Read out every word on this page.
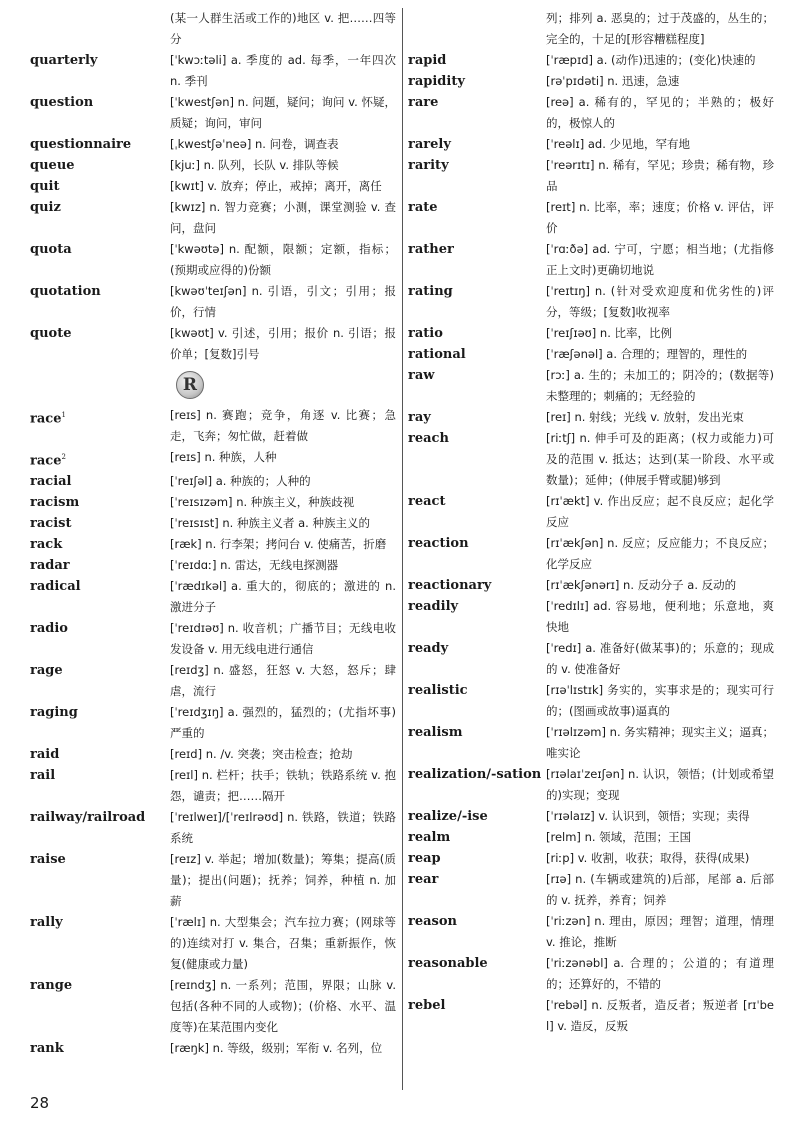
(某一人群生活或工作的)地区 v. 把……四等分
quarterly	[ˈkwɔːtəli] a. 季度的 ad. 每季，一年四次 n. 季刊
question	[ˈkwestʃən] n. 问题，疑问；询问 v. 怀疑，质疑；询问，审问
questionnaire	[ˌkwestʃəˈneə] n. 问卷，调查表
queue	[kjuː] n. 队列，长队 v. 排队等候
quit	[kwɪt] v. 放弃；停止，戒掉；离开，离任
quiz	[kwɪz] n. 智力竞赛；小测，课堂测验 v. 查问，盘问
quota	[ˈkwəʊtə] n. 配额，限额；定额，指标；(预期或应得的)份额
quotation	[kwəʊˈteɪʃən] n. 引语，引文；引用；报价，行情
quote	[kwəʊt] v. 引述，引用；报价 n. 引语；报价单；[复数]引号
R
race$^1$	[reɪs] n. 赛跑；竞争，角逐 v. 比赛；急走，飞奔；匆忙做，赶着做
race$^2$	[reɪs] n. 种族，人种
racial	[ˈreɪʃəl] a. 种族的；人种的
racism	[ˈreɪsɪzəm] n. 种族主义，种族歧视
racist	[ˈreɪsɪst] n. 种族主义者 a. 种族主义的
rack	[ræk] n. 行李架；拷问台 v. 使痛苦，折磨
radar	[ˈreɪdɑː] n. 雷达，无线电探测器
radical	[ˈrædɪkəl] a. 重大的，彻底的；激进的 n. 激进分子
radio	[ˈreɪdɪəʊ] n. 收音机；广播节目；无线电收发设备 v. 用无线电进行通信
rage	[reɪdʒ] n. 盛怒，狂怒 v. 大怒，怒斥；肆虐，流行
raging	[ˈreɪdʒɪŋ] a. 强烈的，猛烈的；(尤指坏事)严重的
raid	[reɪd] n. /v. 突袭；突击检查；抢劫
rail	[reɪl] n. 栏杆；扶手；铁轨；铁路系统 v. 抱怨，谴责；把……隔开
railway/railroad	[ˈreɪlweɪ]/[ˈreɪlrəʊd] n. 铁路，铁道；铁路系统
raise	[reɪz] v. 举起；增加(数量)；筹集；提高(质量)；提出(问题)；抚养；饲养，种植 n. 加薪
rally	[ˈrælɪ] n. 大型集会；汽车拉力赛；(网球等的)连续对打 v. 集合，召集；重新振作，恢复(健康或力量)
range	[reɪndʒ] n. 一系列；范围，界限；山脉 v. 包括(各种不同的人或物)；(价格、水平、温度等)在某范围内变化
rank	[ræŋk] n. 等级，级别；军衔 v. 名列，位
列；排列 a. 恶臭的；过于茂盛的，丛生的；完全的，十足的[形容糟糕程度]
rapid	[ˈræpɪd] a. (动作)迅速的；(变化)快速的
rapidity	[rəˈpɪdəti] n. 迅速，急速
rare	[reə] a. 稀有的，罕见的；半熟的；极好的，极惊人的
rarely	[ˈreəlɪ] ad. 少见地，罕有地
rarity	[ˈreərɪtɪ] n. 稀有，罕见；珍贵；稀有物，珍品
rate	[reɪt] n. 比率，率；速度；价格 v. 评估，评价
rather	[ˈrɑːðə] ad. 宁可，宁愿；相当地；(尤指修正上文时)更确切地说
rating	[ˈreɪtɪŋ] n. (针对受欢迎度和优劣性的)评分，等级；[复数]收视率
ratio	[ˈreɪʃɪəʊ] n. 比率，比例
rational	[ˈræʃənəl] a. 合理的；理智的，理性的
raw	[rɔː] a. 生的；未加工的；阴冷的；(数据等)未整理的；刺痛的；无经验的
ray	[reɪ] n. 射线；光线 v. 放射，发出光束
reach	[riːtʃ] n. 伸手可及的距离；(权力或能力)可及的范围 v. 抵达；达到(某一阶段、水平或数量)；延伸；(伸展手臂或腿)够到
react	[rɪˈækt] v. 作出反应；起不良反应；起化学反应
reaction	[rɪˈækʃən] n. 反应；反应能力；不良反应；化学反应
reactionary	[rɪˈækʃənərɪ] n. 反动分子 a. 反动的
readily	[ˈredɪlɪ] ad. 容易地，便利地；乐意地，爽快地
ready	[ˈredɪ] a. 准备好(做某事)的；乐意的；现成的 v. 使准备好
realistic	[rɪəˈlɪstɪk] 务实的，实事求是的；现实可行的；(图画或故事)逼真的
realism	[ˈrɪəlɪzəm] n. 务实精神；现实主义；逼真；唯实论
realization/-sation [rɪəlaɪˈzeɪʃən] n. 认识，领悟；(计划或希望的)实现；变现
realize/-ise	[ˈrɪəlaɪz] v. 认识到，领悟；实现；卖得
realm	[relm] n. 领域，范围；王国
reap	[riːp] v. 收割，收获；取得，获得(成果)
rear	[rɪə] n. (车辆或建筑的)后部，尾部 a. 后部的 v. 抚养，养育；饲养
reason	[ˈriːzən] n. 理由，原因；理智；道理，情理 v. 推论，推断
reasonable	[ˈriːzənəbl] a. 合理的；公道的；有道理的；还算好的，不错的
rebel	[ˈrebəl] n. 反叛者，造反者；叛逆者 [rɪˈbel] v. 造反，反叛
28
